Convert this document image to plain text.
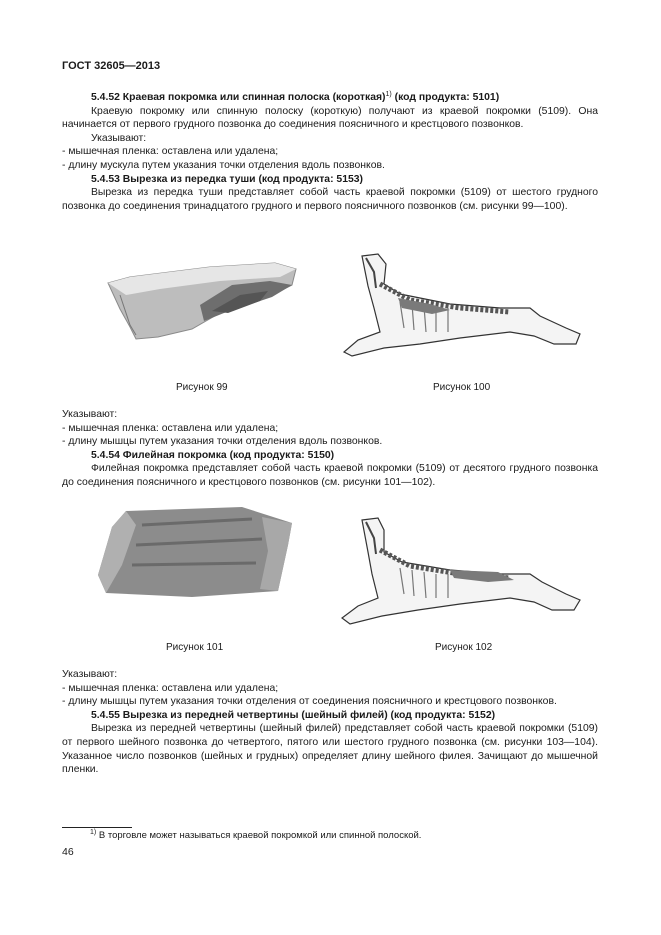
ГОСТ 32605—2013

5.4.52 Краевая покромка или спинная полоска (короткая)$^{1)}$ (код продукта: 5101)

Краевую покромку или спинную полоску (короткую) получают из краевой покромки (5109). Она начинается от первого грудного позвонка до соединения поясничного и крестцового позвонков.

Указывают:

- мышечная пленка: оставлена или удалена;

- длину мускула путем указания точки отделения вдоль позвонков.

5.4.53 Вырезка из передка туши (код продукта: 5153)

Вырезка из передка туши представляет собой часть краевой покромки (5109) от шестого грудного позвонка до соединения тринадцатого грудного и первого поясничного позвонков (см. рисунки 99—100).

Рисунок 99	Рисунок 100

Указывают:

- мышечная пленка: оставлена или удалена;

- длину мышцы путем указания точки отделения вдоль позвонков.

5.4.54 Филейная покромка (код продукта: 5150)

Филейная покромка представляет собой часть краевой покромки (5109) от десятого грудного позвонка до соединения поясничного и крестцового позвонков (см. рисунки 101—102).

Рисунок 101	Рисунок 102

Указывают:

- мышечная пленка: оставлена или удалена;

- длину мышцы путем указания точки отделения от соединения поясничного и крестцового позвонков.

5.4.55 Вырезка из передней четвертины (шейный филей) (код продукта: 5152)

Вырезка из передней четвертины (шейный филей) представляет собой часть краевой покромки (5109) от первого шейного позвонка до четвертого, пятого или шестого грудного позвонка (см. рисунки 103—104). Указанное число позвонков (шейных и грудных) определяет длину шейного филея. Зачищают до мышечной пленки.

$^{1)}$ В торговле может называться краевой покромкой или спинной полоской.
46
